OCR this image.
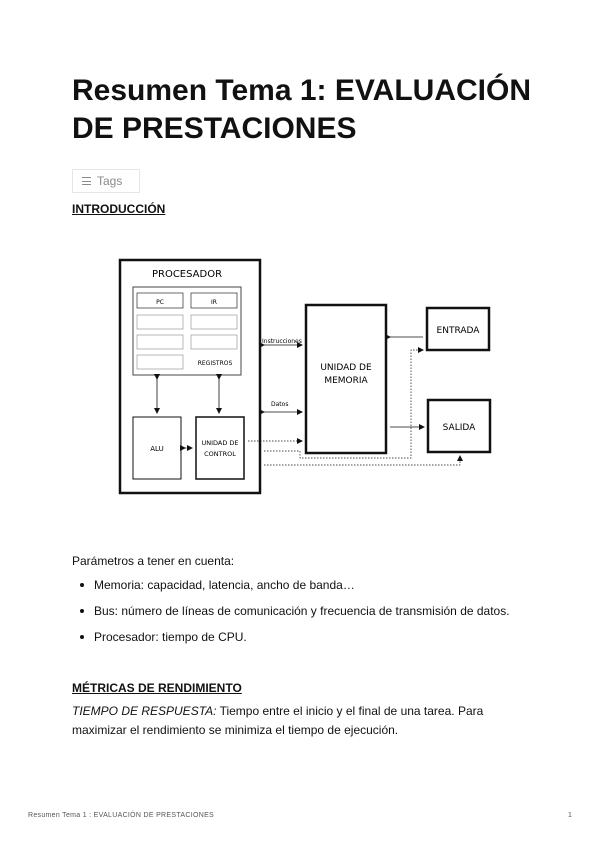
Resumen Tema 1: EVALUACIÓN DE PRESTACIONES
Tags
INTRODUCCIÓN
PROCESADOR
PC	IR
REGISTROS
ALU
UNIDAD DE
CONTROL
UNIDAD DE
MEMORIA
ENTRADA
SALIDA
Instrucciones
Datos

Parámetros a tener en cuenta:

Memoria: capacidad, latencia, ancho de banda…
Bus: número de líneas de comunicación y frecuencia de transmisión de datos.
Procesador: tiempo de CPU.
MÉTRICAS DE RENDIMIENTO

TIEMPO DE RESPUESTA: Tiempo entre el inicio y el final de una tarea. Para maximizar el rendimiento se minimiza el tiempo de ejecución.

Resumen Tema 1 : EVALUACIÓN DE PRESTACIONES	1
